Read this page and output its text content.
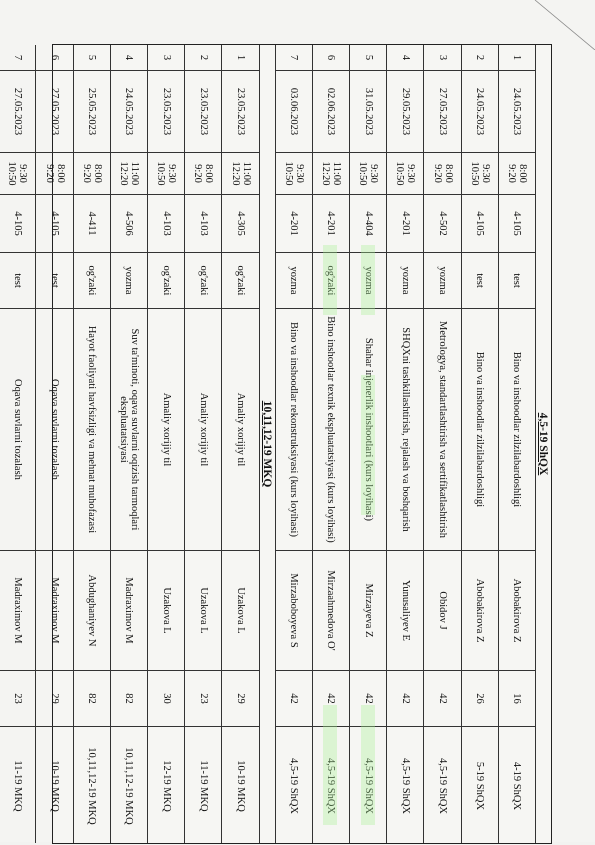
4,5-19 ShQX
1
24.05.2023
8:00
9:20
4-105
test
Bino va inshoodlar zilzilabardoshligi
Abobakirova Z
16
4-19 ShQX
2
24.05.2023
9:30
10:50
4-105
test
Bino va inshoodlar zilzilabardoshligi
Abobakirova Z
26
5-19 ShQX
3
27.05.2023
8:00
9:20
4-502
yozma
Metrologya, standartlashtirish va sertifikatlashtirish
Obidov J
42
4,5-19 ShQX
4
29.05.2023
9:30
10:50
4-201
yozma
SHQXni tashkillashtirish, rejalash va boshqarish
Yunusaliyev E
42
4,5-19 ShQX
5
31.05.2023
9:30
10:50
4-404
yozma
Shahar injenerlik inshootlari (kurs loyihasi)
Mirzayeva Z
42
4,5-19 ShQX
6
02.06.2023
11:00
12:20
4-201
og'zaki
Bino inshootlar texnik ekspluatatsiyasi (kurs loyihasi)
Mirzaahmedova O'
42
4,5-19 ShQX
7
03.06.2023
9:30
10:50
4-201
yozma
Bino va inshoodlar rekonstruksiyasi (kurs loyihasi)
Mirzaboboyeva S
42
4,5-19 ShQX
10,11,12-19 MKQ
1
23.05.2023
11:00
12:20
4-305
og'zaki
Amaliy xorijiy til
Uzakova L
29
10-19 MKQ
2
23.05.2023
8:00
9:20
4-103
og'zaki
Amaliy xorijiy til
Uzakova L
23
11-19 MKQ
3
23.05.2023
9:30
10:50
4-103
og'zaki
Amaliy xorijiy til
Uzakova L
30
12-19 MKQ
4
24.05.2023
11:00
12:20
4-506
yozma
Suv ta'minoti, oqava suvlarni oqizish tarmoqlari ekspluatatsiyasi
Madraximov M
82
10,11,12-19 MKQ
5
25.05.2023
8:00
9:20
4-411
og'zaki
Hayot faoliyati havfsizligi va mehnat muhofazasi
Abdughaniyev N
82
10,11,12-19 MKQ
6
27.05.2023
8:00
9:20
4-105
test
Oqava suvlarni tozalash
Madraximov M
29
10-19 MKQ
7
27.05.2023
9:30
10:50
4-105
test
Oqava suvlarni tozalash
Madraximov M
23
11-19 MKQ
